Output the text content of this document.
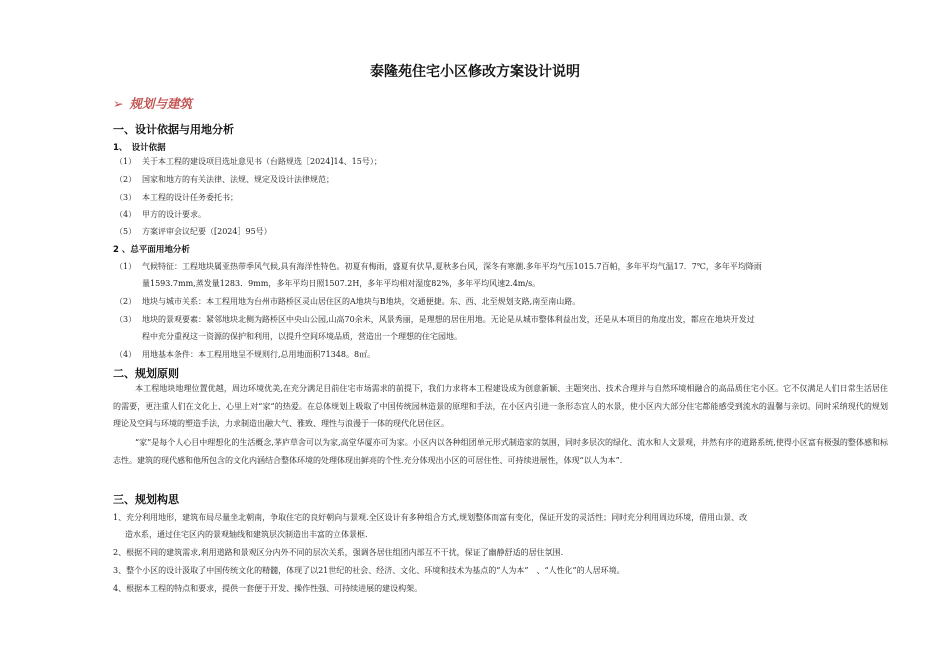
泰隆苑住宅小区修改方案设计说明
➢ 规划与建筑
一、设计依据与用地分析
1、　设计依据
（1） 关于本工程的建设项目选址意见书（台路规选［2024]14、15号）；
（2） 国家和地方的有关法律、法规、规定及设计法律规范；
（3） 本工程的设计任务委托书；
（4） 甲方的设计要求。
（5） 方案评审会议纪要（[2024］95号）
2 、总平面用地分析
（1） 气候特征：工程地块属亚热带季风气候,具有海洋性特色。初夏有梅雨，盛夏有伏旱,夏秋多台风，深冬有寒潮.多年平均气压1015.7百帕，多年平均气温17．7℃，多年平均降雨
量1593.7mm,蒸发量1283．9mm，多年平均日照1507.2H，多年平均相对湿度82%，多年平均风速2.4m/s。
（2） 地块与城市关系：本工程用地为台州市路桥区灵山居住区的A地块与B地块，交通便捷。东、西、北至规划支路,南至南山路。
（3） 地块的景观要素：紧邻地块北侧为路桥区中央山公园,山高70余米，风景秀丽，是理想的居住用地。无论是从城市整体利益出发，还是从本项目的角度出发，都应在地块开发过
程中充分重视这一资源的保护和利用，以提升空间环境品质，营造出一个理想的住宅园地。
（4） 用地基本条件：本工程用地呈不规则行,总用地面积71348。8㎡。
二、规划原则
本工程地块地理位置优越，周边环境优美,在充分满足目前住宅市场需求的前提下，我们力求将本工程建设成为创意新颖、主题突出、技术合理并与自然环境相融合的高品质住宅小区。它不仅满足人们日常生活居住的需要，更注重人们在文化上、心里上对“家”的热爱。在总体规划上吸取了中国传统园林造景的原理和手法，在小区内引进一条形态宜人的水景，使小区内大部分住宅都能感受到流水的温馨与亲切。同时采纳现代的规划理论及空间与环境的塑造手法，力求制造出融大气、雅致、理性与浪漫于一体的现代化居住区。
“家”是每个人心目中理想化的生活概念,茅庐草舍可以为家,高堂华厦亦可为家。小区内以各种组团单元形式制造家的氛围，同时多层次的绿化、流水和人文景观，井然有序的道路系统,使得小区富有极强的整体感和标志性。建筑的现代感和他所包含的文化内涵结合整体环境的处理体现出鲜亮的个性.充分体现出小区的可居住性、可持续进展性，体现“以人为本”.
三、规划构思
1、充分利用地形，建筑布局尽量坐北朝南，争取住宅的良好朝向与景观.全区设计有多种组合方式,规划整体而富有变化，保证开发的灵活性；同时充分利用周边环境，借用山景、改
造水系，通过住宅区内的景观轴线和建筑层次制造出丰富的立体景框.
2、根据不同的建筑需求,利用道路和景观区分内外不同的层次关系，强调各居住组团内部互不干扰，保证了幽静舒适的居住氛围.
3、整个小区的设计汲取了中国传统文化的精髓，体现了以21世纪的社会、经济、文化、环境和技术为基点的“人为本”　、“人性化”的人居环境。
4、根据本工程的特点和要求，提供一套便于开发、操作性强、可持续进展的建设构架。
